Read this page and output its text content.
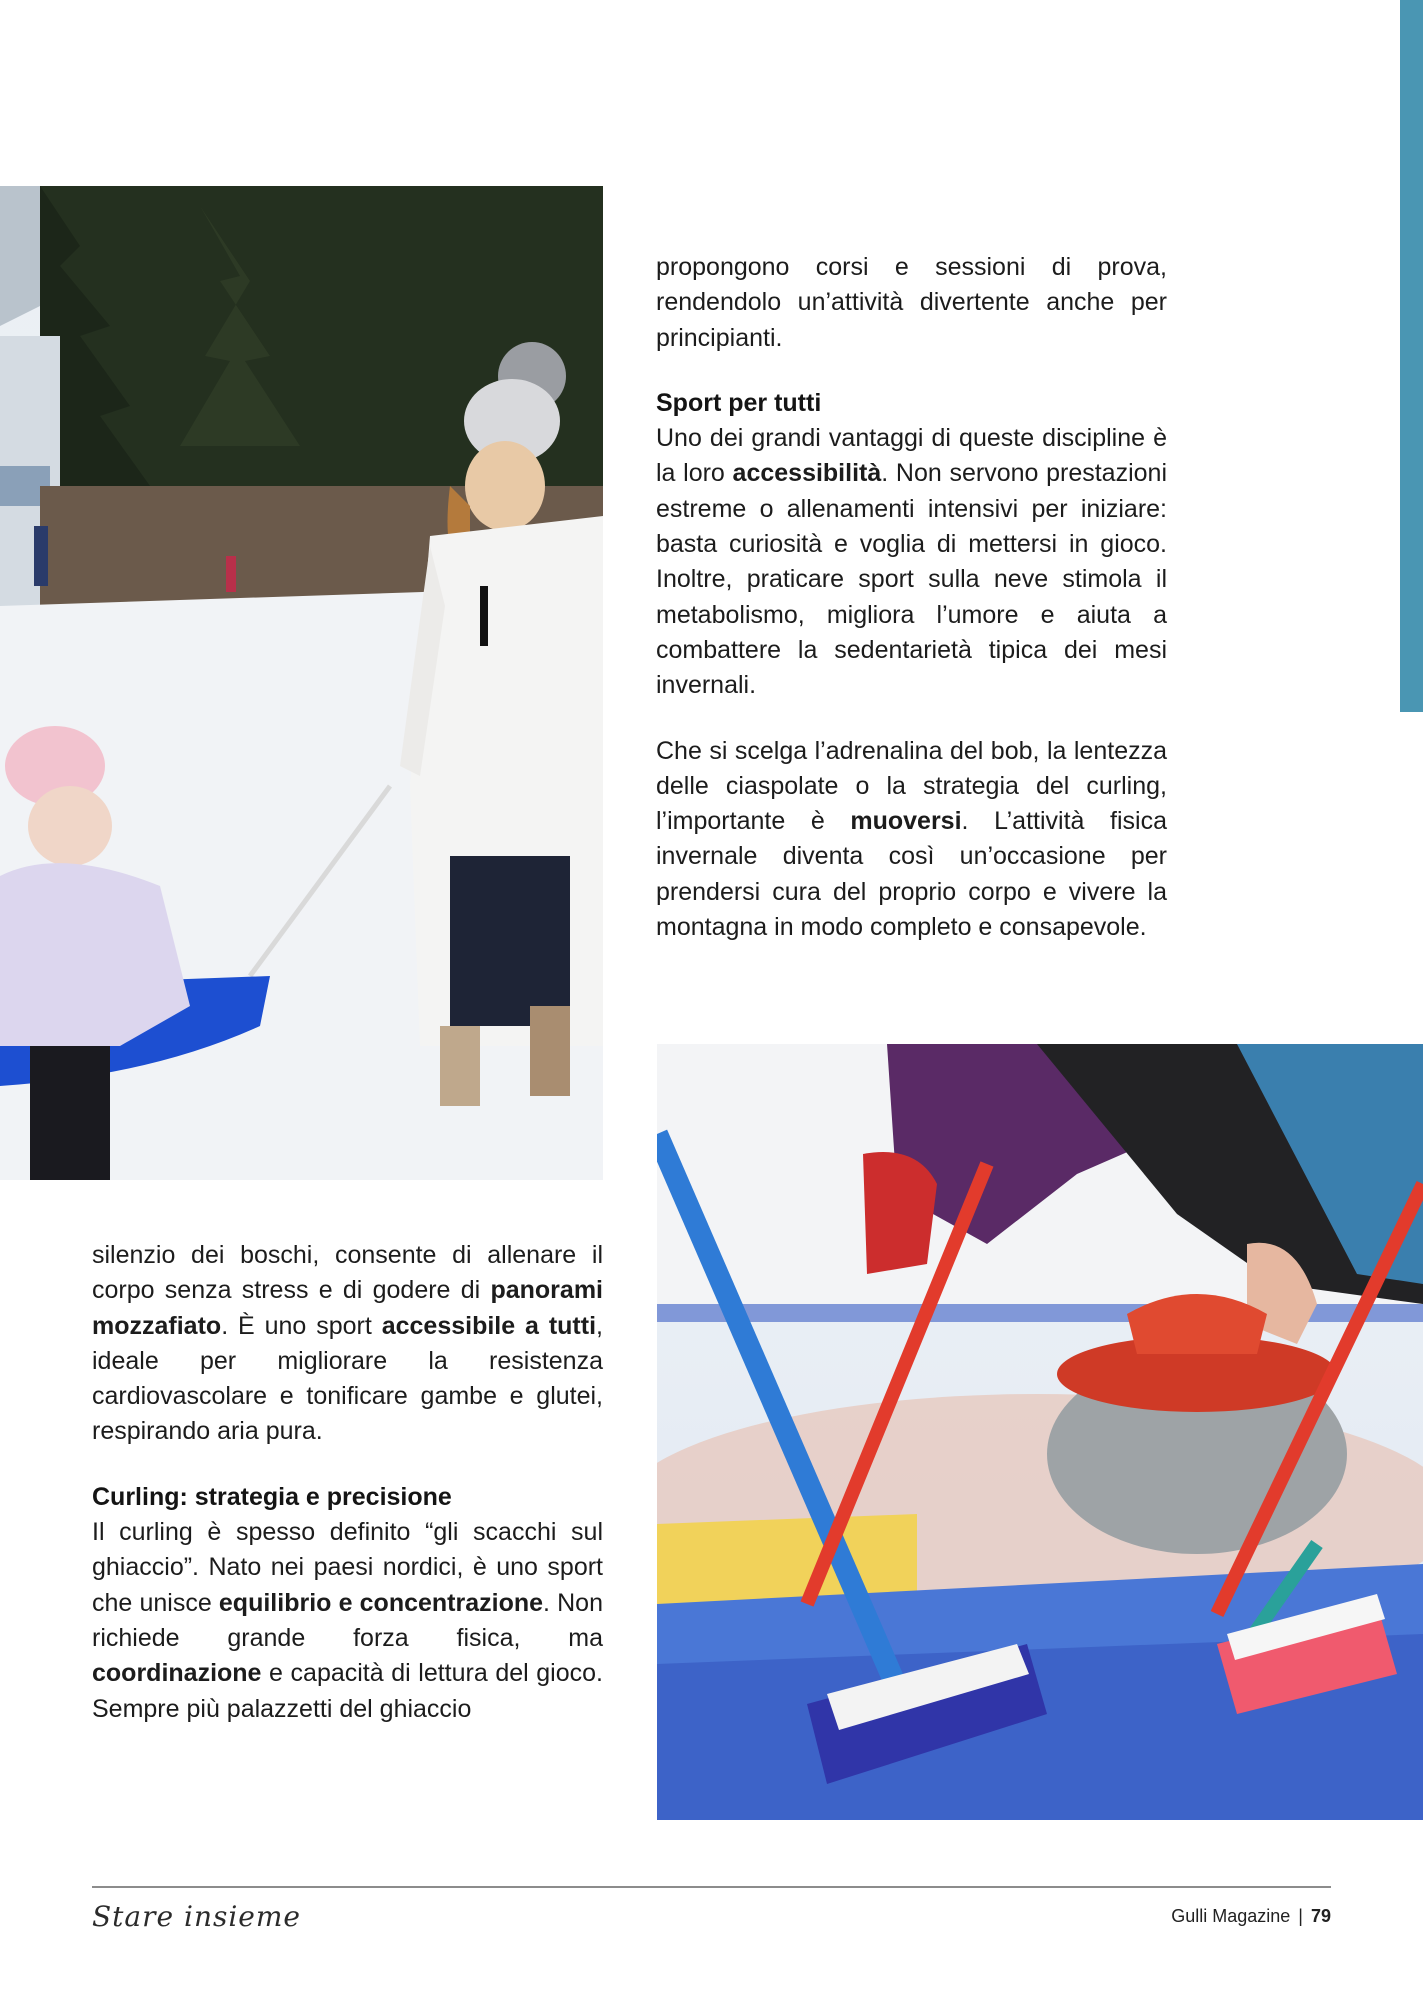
propongono corsi e sessioni di prova, rendendolo un’attività divertente anche per principianti.

Sport per tutti

Uno dei grandi vantaggi di queste discipline è la loro accessibilità. Non servono prestazioni estreme o allenamenti intensivi per iniziare: basta curiosità e voglia di mettersi in gioco. Inoltre, praticare sport sulla neve stimola il metabolismo, migliora l’umore e aiuta a combattere la sedentarietà tipica dei mesi invernali.

Che si scelga l’adrenalina del bob, la lentezza delle ciaspolate o la strategia del curling, l’importante è muoversi. L’attività fisica invernale diventa così un’occasione per prendersi cura del proprio corpo e vivere la montagna in modo completo e consapevole.

silenzio dei boschi, consente di allenare il corpo senza stress e di godere di panorami mozzafiato. È uno sport accessibile a tutti, ideale per migliorare la resistenza cardiovascolare e tonificare gambe e glutei, respirando aria pura.

Curling: strategia e precisione

Il curling è spesso definito “gli scacchi sul ghiaccio”. Nato nei paesi nordici, è uno sport che unisce equilibrio e concentrazione. Non richiede grande forza fisica, ma coordinazione e capacità di lettura del gioco. Sempre più palazzetti del ghiaccio

Stare insieme	Gulli Magazine | 79
